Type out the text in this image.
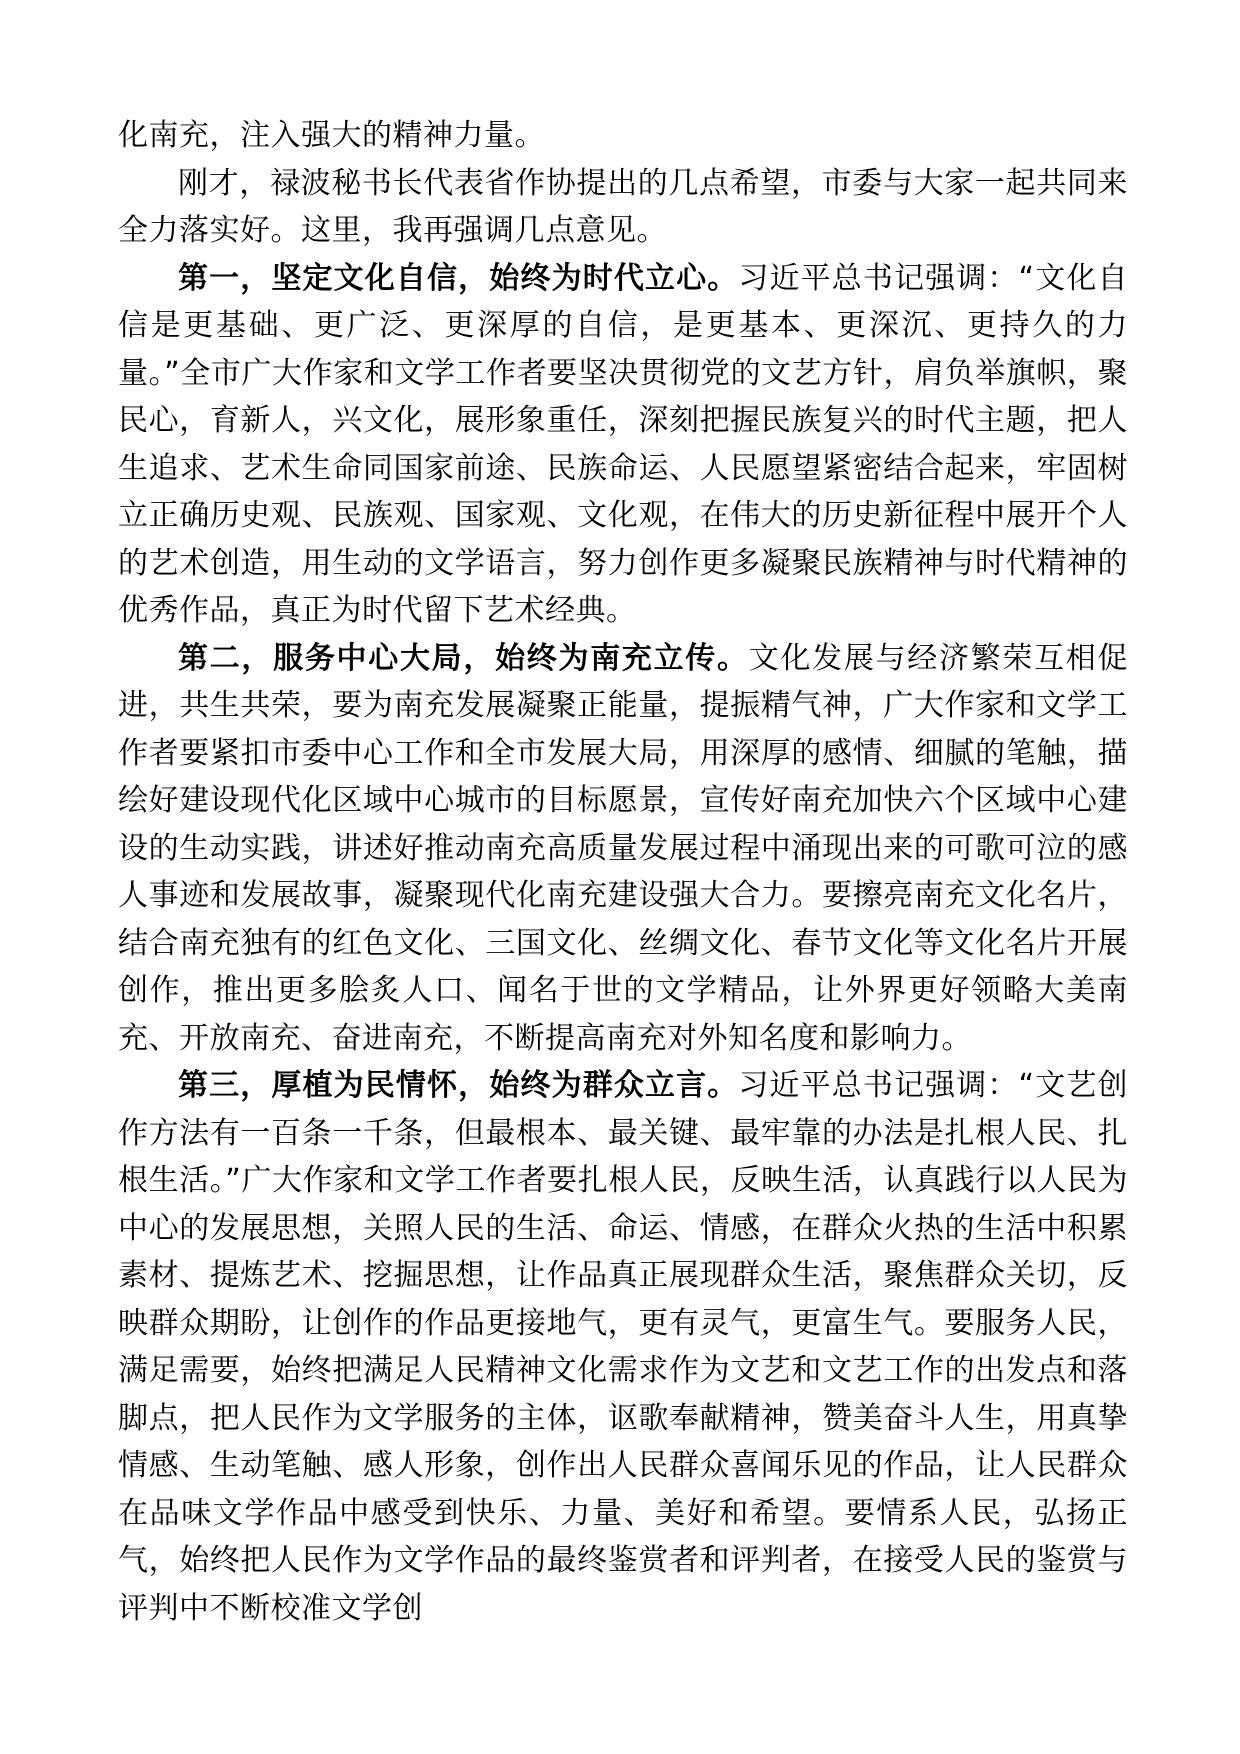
化南充，注入强大的精神力量。

刚才，禄波秘书长代表省作协提出的几点希望，市委与大家一起共同来全力落实好。这里，我再强调几点意见。

第一，坚定文化自信，始终为时代立心。习近平总书记强调：“文化自信是更基础、更广泛、更深厚的自信，是更基本、更深沉、更持久的力量。”全市广大作家和文学工作者要坚决贯彻党的文艺方针，肩负举旗帜，聚民心，育新人，兴文化，展形象重任，深刻把握民族复兴的时代主题，把人生追求、艺术生命同国家前途、民族命运、人民愿望紧密结合起来，牢固树立正确历史观、民族观、国家观、文化观，在伟大的历史新征程中展开个人的艺术创造，用生动的文学语言，努力创作更多凝聚民族精神与时代精神的优秀作品，真正为时代留下艺术经典。

第二，服务中心大局，始终为南充立传。文化发展与经济繁荣互相促进，共生共荣，要为南充发展凝聚正能量，提振精气神，广大作家和文学工作者要紧扣市委中心工作和全市发展大局，用深厚的感情、细腻的笔触，描绘好建设现代化区域中心城市的目标愿景，宣传好南充加快六个区域中心建设的生动实践，讲述好推动南充高质量发展过程中涌现出来的可歌可泣的感人事迹和发展故事，凝聚现代化南充建设强大合力。要擦亮南充文化名片，结合南充独有的红色文化、三国文化、丝绸文化、春节文化等文化名片开展创作，推出更多脍炙人口、闻名于世的文学精品，让外界更好领略大美南充、开放南充、奋进南充，不断提高南充对外知名度和影响力。

第三，厚植为民情怀，始终为群众立言。习近平总书记强调：“文艺创作方法有一百条一千条，但最根本、最关键、最牢靠的办法是扎根人民、扎根生活。”广大作家和文学工作者要扎根人民，反映生活，认真践行以人民为中心的发展思想，关照人民的生活、命运、情感，在群众火热的生活中积累素材、提炼艺术、挖掘思想，让作品真正展现群众生活，聚焦群众关切，反映群众期盼，让创作的作品更接地气，更有灵气，更富生气。要服务人民，满足需要，始终把满足人民精神文化需求作为文艺和文艺工作的出发点和落脚点，把人民作为文学服务的主体，讴歌奉献精神，赞美奋斗人生，用真挚情感、生动笔触、感人形象，创作出人民群众喜闻乐见的作品，让人民群众在品味文学作品中感受到快乐、力量、美好和希望。要情系人民，弘扬正气，始终把人民作为文学作品的最终鉴赏者和评判者，在接受人民的鉴赏与评判中不断校准文学创
